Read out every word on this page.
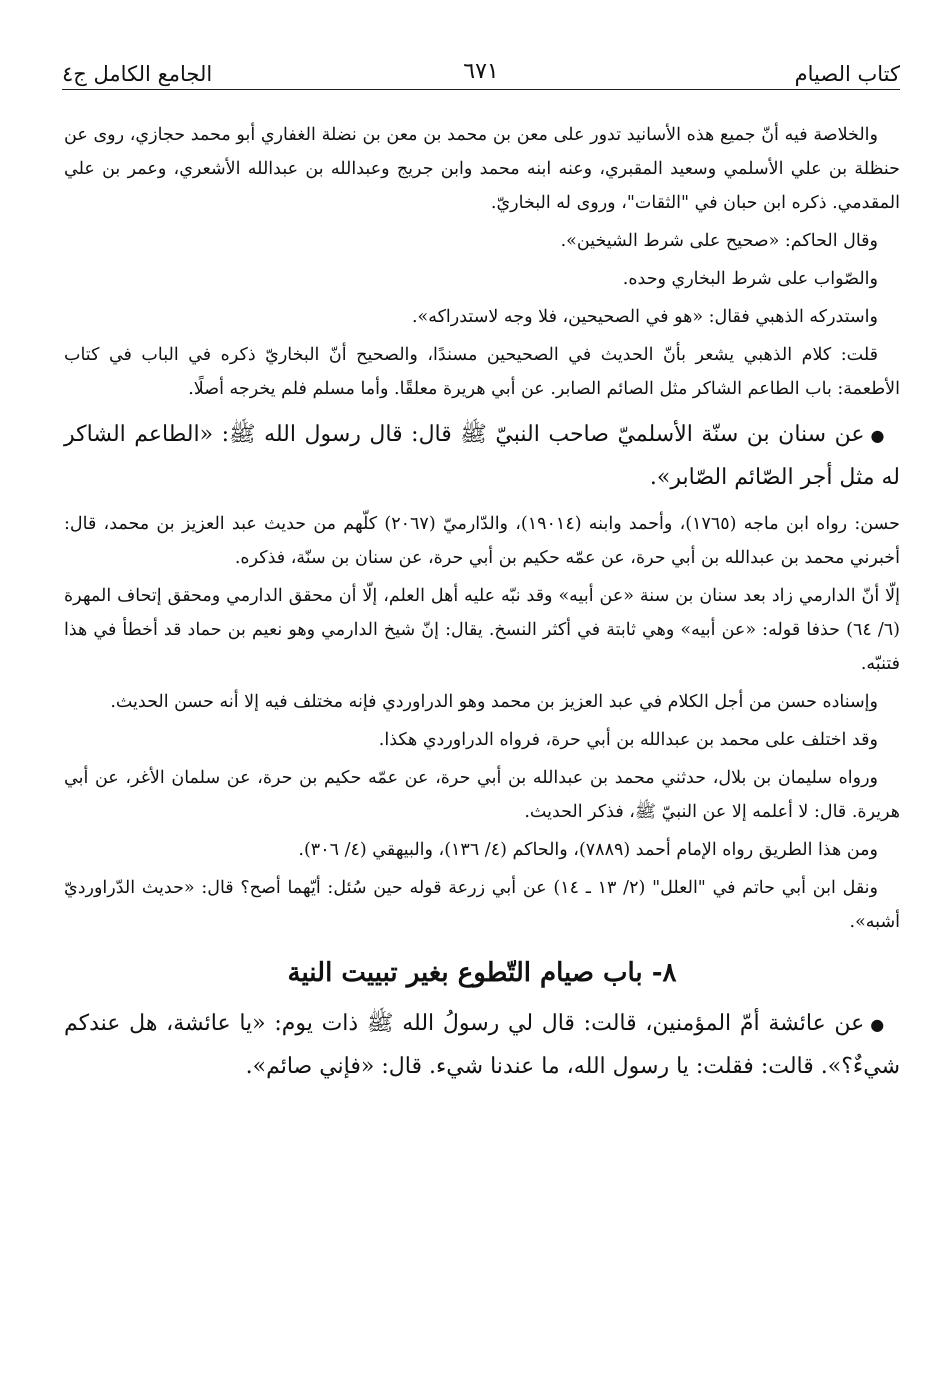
كتاب الصيام
٦٧١
الجامع الكامل ج٤

والخلاصة فيه أنّ جميع هذه الأسانيد تدور على معن بن محمد بن معن بن نضلة الغفاري أبو محمد حجازي، روى عن حنظلة بن علي الأسلمي وسعيد المقبري، وعنه ابنه محمد وابن جريج وعبدالله بن عبدالله الأشعري، وعمر بن علي المقدمي. ذكره ابن حبان في "الثقات"، وروى له البخاريّ.

وقال الحاكم: «صحيح على شرط الشيخين».

والصّواب على شرط البخاري وحده.

واستدركه الذهبي فقال: «هو في الصحيحين، فلا وجه لاستدراكه».

قلت: كلام الذهبي يشعر بأنّ الحديث في الصحيحين مسندًا، والصحيح أنّ البخاريّ ذكره في الباب في كتاب الأطعمة: باب الطاعم الشاكر مثل الصائم الصابر. عن أبي هريرة معلقًا. وأما مسلم فلم يخرجه أصلًا.

●عن سنان بن سنّة الأسلميّ صاحب النبيّ ﷺ قال: قال رسول الله ﷺ: «الطاعم الشاكر له مثل أجر الصّائم الصّابر».

حسن: رواه ابن ماجه (١٧٦٥)، وأحمد وابنه (١٩٠١٤)، والدّارميّ (٢٠٦٧) كلّهم من حديث عبد العزيز بن محمد، قال: أخبرني محمد بن عبدالله بن أبي حرة، عن عمّه حكيم بن أبي حرة، عن سنان بن سنّة، فذكره.

إلّا أنّ الدارمي زاد بعد سنان بن سنة «عن أبيه» وقد نبّه عليه أهل العلم، إلّا أن محقق الدارمي ومحقق إتحاف المهرة (٦/ ٦٤) حذفا قوله: «عن أبيه» وهي ثابتة في أكثر النسخ. يقال: إنّ شيخ الدارمي وهو نعيم بن حماد قد أخطأ في هذا فتنبّه.

وإسناده حسن من أجل الكلام في عبد العزيز بن محمد وهو الدراوردي فإنه مختلف فيه إلا أنه حسن الحديث.

وقد اختلف على محمد بن عبدالله بن أبي حرة، فرواه الدراوردي هكذا.

ورواه سليمان بن بلال، حدثني محمد بن عبدالله بن أبي حرة، عن عمّه حكيم بن حرة، عن سلمان الأغر، عن أبي هريرة. قال: لا أعلمه إلا عن النبيّ ﷺ، فذكر الحديث.

ومن هذا الطريق رواه الإمام أحمد (٧٨٨٩)، والحاكم (٤/ ١٣٦)، والبيهقي (٤/ ٣٠٦).

ونقل ابن أبي حاتم في "العلل" (٢/ ١٣ ـ ١٤) عن أبي زرعة قوله حين سُئل: أيّهما أصح؟ قال: «حديث الدّراورديّ أشبه».

٨- باب صيام التّطوع بغير تبييت النية

●عن عائشة أمّ المؤمنين، قالت: قال لي رسولُ الله ﷺ ذات يوم: «يا عائشة، هل عندكم شيءٌ؟». قالت: فقلت: يا رسول الله، ما عندنا شيء. قال: «فإني صائم».
